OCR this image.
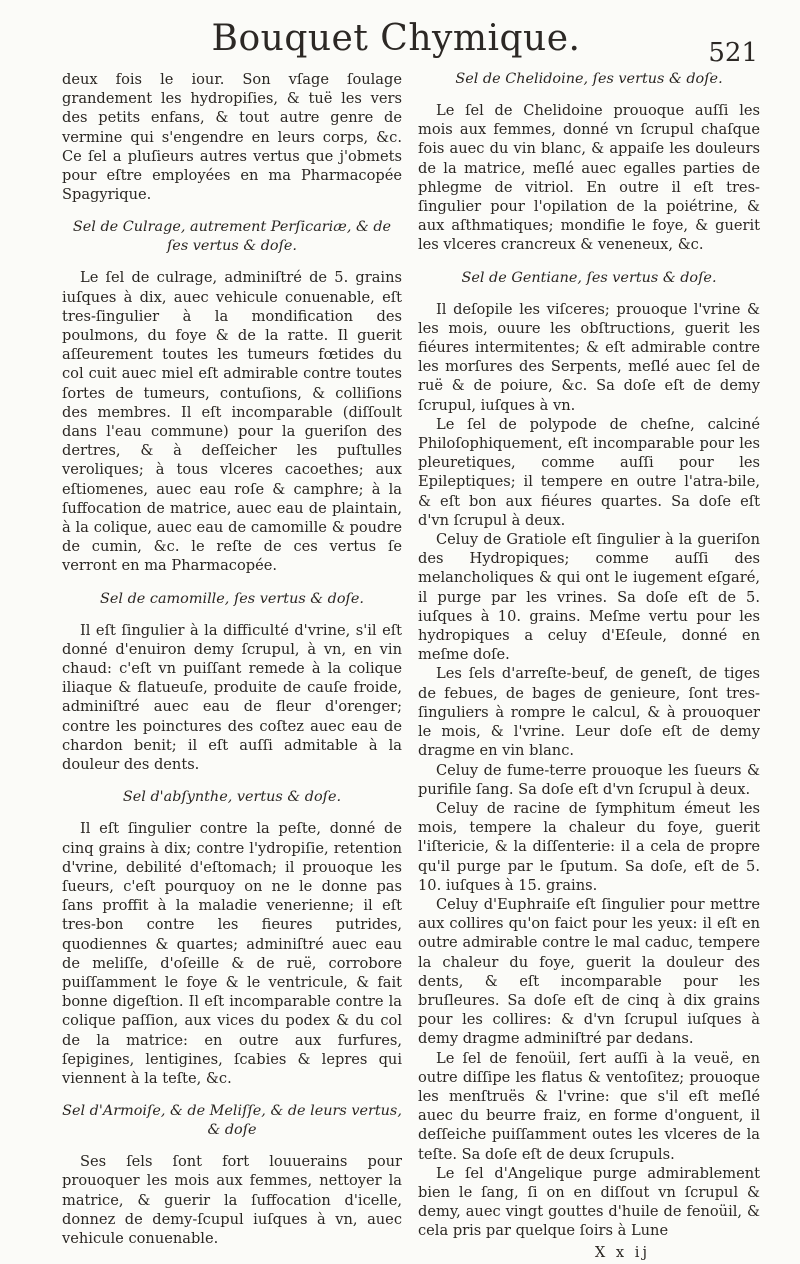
Bouquet Chymique.	521

deux fois le iour. Son vſage ſoulage grandement les hydropiſies, & tuë les vers des petits enfans, & tout autre genre de vermine qui s'engendre en leurs corps, &c. Ce ſel a pluſieurs autres vertus que j'obmets pour eſtre employées en ma Pharmacopée Spagyrique.

Sel de Culrage, autrement Perſicariæ, & de ſes vertus & doſe.

Le ſel de culrage, adminiſtré de 5. grains iuſques à dix, auec vehicule conuenable, eſt tres-ſingulier à la mondification des poulmons, du foye & de la ratte. Il guerit aſſeurement toutes les tumeurs fœtides du col cuit auec miel eſt admirable contre toutes ſortes de tumeurs, contuſions, & colliſions des membres. Il eſt incomparable (diſſoult dans l'eau commune) pour la gueriſon des dertres, & à deſſeicher les puſtulles veroliques; à tous vlceres cacoethes; aux eſtiomenes, auec eau roſe & camphre; à la ſuffocation de matrice, auec eau de plaintain, à la colique, auec eau de camomille & poudre de cumin, &c. le reſte de ces vertus ſe verront en ma Pharmacopée.

Sel de camomille, ſes vertus & doſe.

Il eſt ſingulier à la difficulté d'vrine, s'il eſt donné d'enuiron demy ſcrupul, à vn, en vin chaud: c'eſt vn puiſſant remede à la colique iliaque & flatueuſe, produite de cauſe froide, adminiſtré auec eau de fleur d'orenger; contre les poinctures des coſtez auec eau de chardon benit; il eſt auſſi admitable à la douleur des dents.

Sel d'abſynthe, vertus & doſe.

Il eſt ſingulier contre la peſte, donné de cinq grains à dix; contre l'ydropiſie, retention d'vrine, debilité d'eſtomach; il prouoque les ſueurs, c'eſt pourquoy on ne le donne pas ſans proffit à la maladie venerienne; il eſt tres-bon contre les fieures putrides, quodiennes & quartes; adminiſtré auec eau de meliſſe, d'oſeille & de ruë, corrobore puiſſamment le foye & le ventricule, & fait bonne digeſtion. Il eſt incomparable contre la colique paſſion, aux vices du podex & du col de la matrice: en outre aux furfures, ſepigines, lentigines, ſcabies & lepres qui viennent à la teſte, &c.

Sel d'Armoiſe, & de Meliſſe, & de leurs vertus, & doſe

Ses ſels ſont fort louuerains pour prouoquer les mois aux femmes, nettoyer la matrice, & guerir la ſuffocation d'icelle, donnez de demy-ſcupul iuſques à vn, auec vehicule conuenable.

Sel de Chelidoine, ſes vertus & doſe.

Le ſel de Chelidoine prouoque auſſi les mois aux femmes, donné vn ſcrupul chaſque fois auec du vin blanc, & appaiſe les douleurs de la matrice, meſlé auec egalles parties de phlegme de vitriol. En outre il eſt tres-ſingulier pour l'opilation de la poiétrine, & aux aſthmatiques; mondifie le foye, & guerit les vlceres crancreux & veneneux, &c.

Sel de Gentiane, ſes vertus & doſe.

Il deſopile les viſceres; prouoque l'vrine & les mois, ouure les obſtructions, guerit les fiéures intermitentes; & eſt admirable contre les morſures des Serpents, meſlé auec ſel de ruë & de poiure, &c. Sa doſe eſt de demy ſcrupul, iuſques à vn.

Le ſel de polypode de cheſne, calciné Philoſophiquement, eſt incomparable pour les pleuretiques, comme auſſi pour les Epileptiques; il tempere en outre l'atra-bile, & eſt bon aux fiéures quartes. Sa doſe eſt d'vn ſcrupul à deux.

Celuy de Gratiole eſt ſingulier à la gueriſon des Hydropiques; comme auſſi des melancholiques & qui ont le iugement eſgaré, il purge par les vrines. Sa doſe eſt de 5. iuſques à 10. grains. Meſme vertu pour les hydropiques a celuy d'Eſeule, donné en meſme doſe.

Les ſels d'arreſte-beuf, de geneſt, de tiges de febues, de bages de genieure, ſont tres-ſinguliers à rompre le calcul, & à prouoquer le mois, & l'vrine. Leur doſe eſt de demy dragme en vin blanc.

Celuy de fume-terre prouoque les ſueurs & purifile ſang. Sa doſe eſt d'vn ſcrupul à deux.

Celuy de racine de ſymphitum émeut les mois, tempere la chaleur du foye, guerit l'iſtericie, & la diſſenterie: il a cela de propre qu'il purge par le ſputum. Sa doſe, eſt de 5. 10. iuſques à 15. grains.

Celuy d'Euphraiſe eſt ſingulier pour mettre aux collires qu'on faict pour les yeux: il eſt en outre admirable contre le mal caduc, tempere la chaleur du foye, guerit la douleur des dents, & eſt incomparable pour les bruſleures. Sa doſe eſt de cinq à dix grains pour les collires: & d'vn ſcrupul iuſques à demy dragme adminiſtré par dedans.

Le ſel de fenoüil, ſert auſſi à la veuë, en outre diſſipe les flatus & ventoſitez; prouoque les menſtruës & l'vrine: que s'il eſt meſlé auec du beurre fraiz, en forme d'onguent, il deſſeiche puiſſamment outes les vlceres de la teſte. Sa doſe eſt de deux ſcrupuls.

Le ſel d'Angelique purge admirablement bien le ſang, ſi on en diſſout vn ſcrupul & demy, auec vingt gouttes d'huile de fenoüil, & cela pris par quelque ſoirs à Lune

X x ij
